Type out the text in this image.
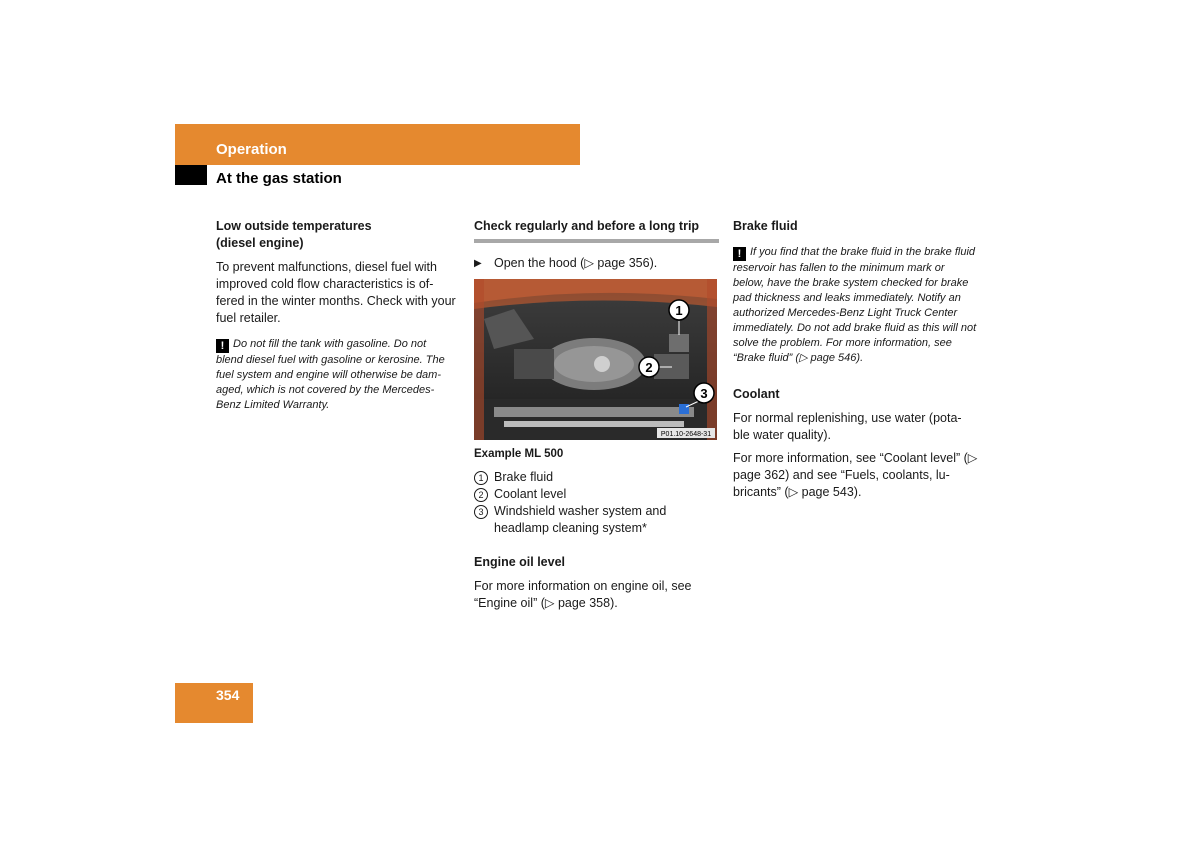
Operation
At the gas station
Low outside temperatures
(diesel engine)

To prevent malfunctions, diesel fuel with improved cold flow characteristics is of-fered in the winter months. Check with your fuel retailer.

! Do not fill the tank with gasoline. Do not blend diesel fuel with gasoline or kerosine. The fuel system and engine will otherwise be dam-aged, which is not covered by the Mercedes-Benz Limited Warranty.

Check regularly and before a long trip
▶ Open the hood (▷ page 356).
1
2
3
P01.10-2648-31
Example ML 500
1 Brake fluid
2 Coolant level
3 Windshield washer system and headlamp cleaning system*
Engine oil level

For more information on engine oil, see “Engine oil” (▷ page 358).

Brake fluid

! If you find that the brake fluid in the brake fluid reservoir has fallen to the minimum mark or below, have the brake system checked for brake pad thickness and leaks immediately. Notify an authorized Mercedes-Benz Light Truck Center immediately. Do not add brake fluid as this will not solve the problem. For more information, see “Brake fluid” (▷ page 546).

Coolant

For normal replenishing, use water (pota-ble water quality).

For more information, see “Coolant level” (▷ page 362) and see “Fuels, coolants, lu-bricants” (▷ page 543).

354
